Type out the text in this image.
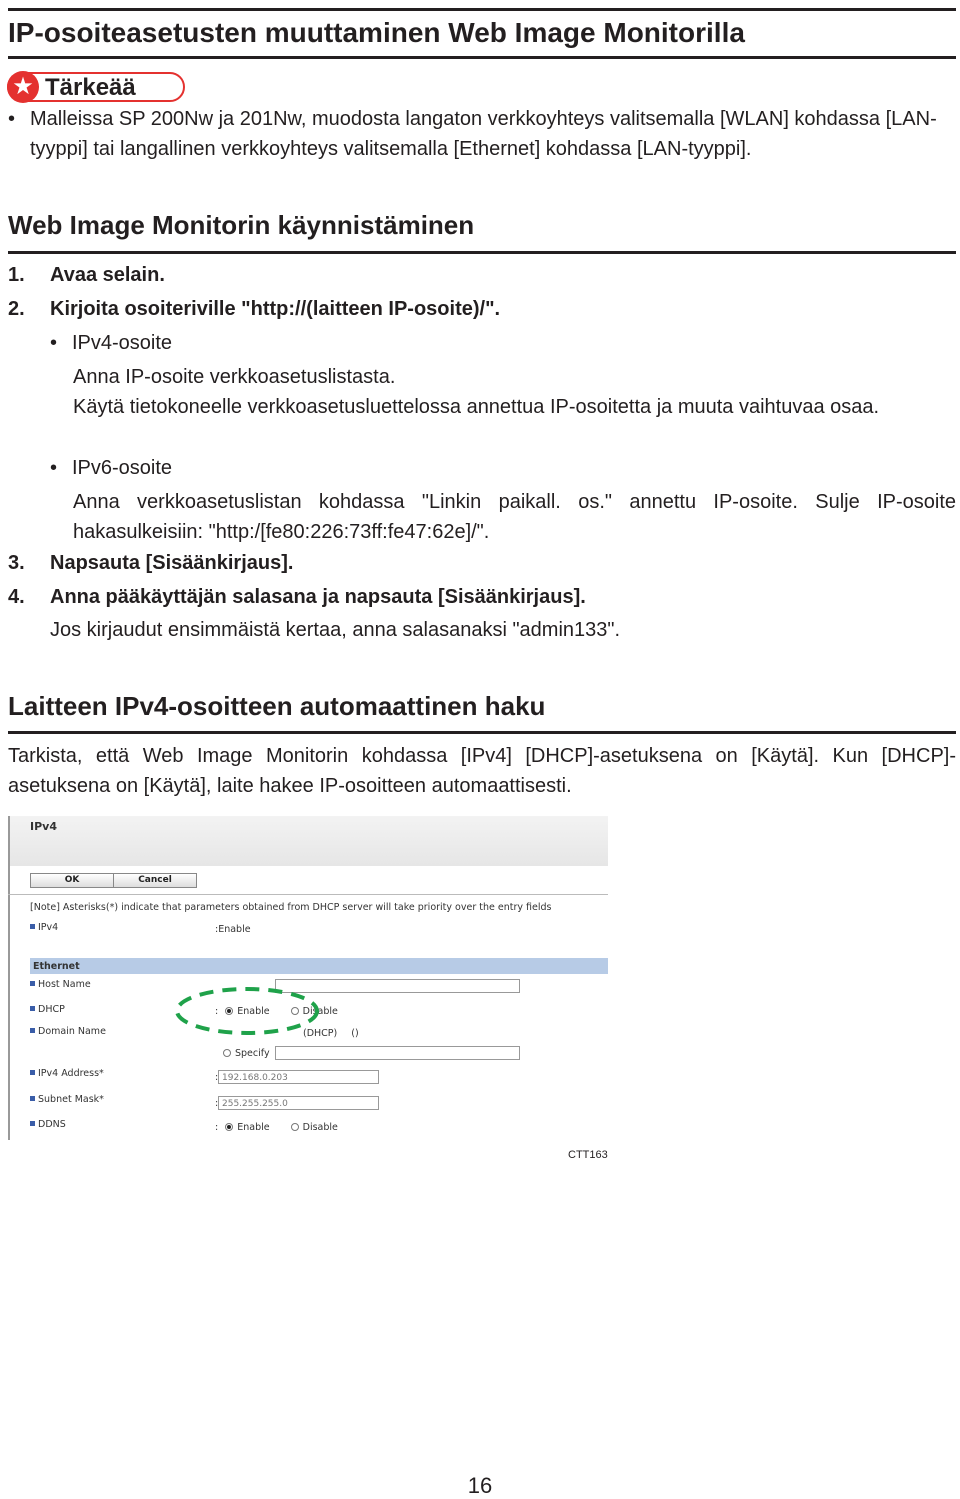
IP-osoiteasetusten muuttaminen Web Image Monitorilla
★ Tärkeää
• Malleissa SP 200Nw ja 201Nw, muodosta langaton verkkoyhteys valitsemalla [WLAN] kohdassa [LAN-tyyppi] tai langallinen verkkoyhteys valitsemalla [Ethernet] kohdassa [LAN-tyyppi].
Web Image Monitorin käynnistäminen
1. Avaa selain.
2. Kirjoita osoiteriville "http://(laitteen IP-osoite)/".
• IPv4-osoite
Anna IP-osoite verkkoasetuslistasta.
Käytä tietokoneelle verkkoasetusluettelossa annettua IP-osoitetta ja muuta vaihtuvaa osaa.
• IPv6-osoite
Anna verkkoasetuslistan kohdassa "Linkin paikall. os." annettu IP-osoite. Sulje IP-osoite hakasulkeisiin: "http:/[fe80:226:73ff:fe47:62e]/".
3. Napsauta [Sisäänkirjaus].
4. Anna pääkäyttäjän salasana ja napsauta [Sisäänkirjaus].
Jos kirjaudut ensimmäistä kertaa, anna salasanaksi "admin133".
Laitteen IPv4-osoitteen automaattinen haku
Tarkista, että Web Image Monitorin kohdassa [IPv4] [DHCP]-asetuksena on [Käytä]. Kun [DHCP]-asetuksena on [Käytä], laite hakee IP-osoitteen automaattisesti.
IPv4
OK	Cancel
[Note] Asterisks(*) indicate that parameters obtained from DHCP server will take priority over the entry fields
IPv4	:Enable
Ethernet
Host Name
DHCP	: Enable	Disable
Domain Name	(DHCP) ()
Specify
IPv4 Address*	: 192.168.0.203
Subnet Mask*	: 255.255.255.0
DDNS	: Enable	Disable
CTT163
16
